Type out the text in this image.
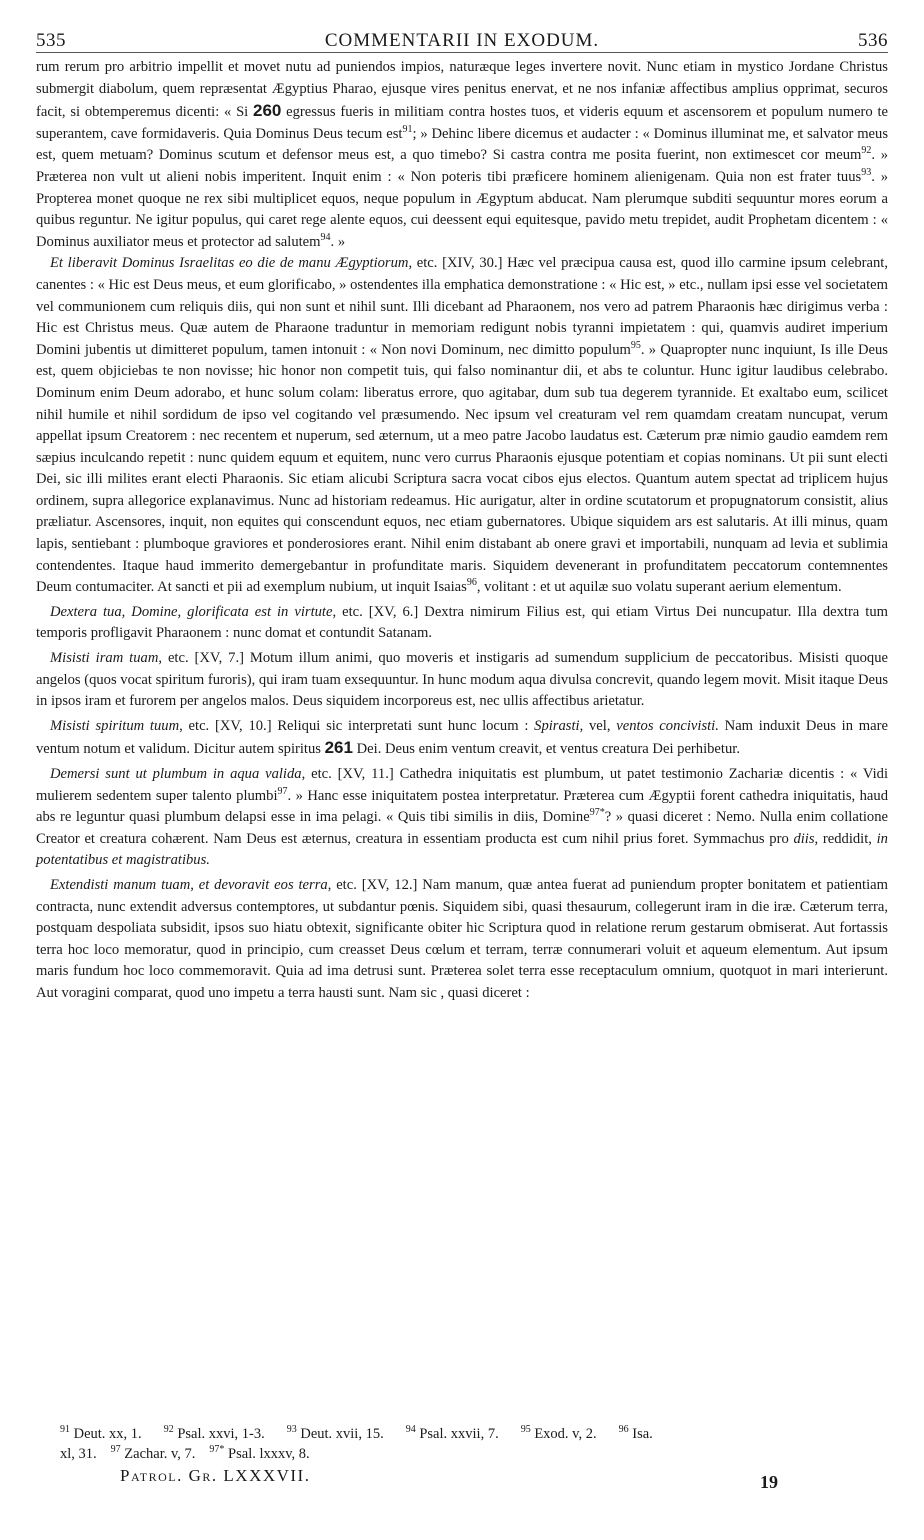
535	COMMENTARII IN EXODUM.	536

rum rerum pro arbitrio impellit et movet nutu ad puniendos impios, naturæque leges invertere novit. Nunc etiam in mystico Jordane Christus submergit diabolum, quem repræsentat Ægyptius Pharao, ejusque vires penitus enervat, et ne nos infaniæ affectibus amplius opprimat, securos facit, si obtemperemus dicenti: « Si 260 egressus fueris in militiam contra hostes tuos, et videris equum et ascensorem et populum numero te superantem, cave formidaveris. Quia Dominus Deus tecum est$^{91}$; » Dehinc libere dicemus et audacter : « Dominus illuminat me, et salvator meus est, quem metuam? Dominus scutum et defensor meus est, a quo timebo? Si castra contra me posita fuerint, non extimescet cor meum$^{92}$. » Præterea non vult ut alieni nobis imperitent. Inquit enim : « Non poteris tibi præficere hominem alienigenam. Quia non est frater tuus$^{93}$. » Propterea monet quoque ne rex sibi multiplicet equos, neque populum in Ægyptum abducat. Nam plerumque subditi sequuntur mores eorum a quibus reguntur. Ne igitur populus, qui caret rege alente equos, cui deessent equi equitesque, pavido metu trepidet, audit Prophetam dicentem : « Dominus auxiliator meus et protector ad salutem$^{94}$. »

Et liberavit Dominus Israelitas eo die de manu Ægyptiorum, etc. [XIV, 30.] Hæc vel præcipua causa est, quod illo carmine ipsum celebrant, canentes : « Hic est Deus meus, et eum glorificabo, » ostendentes illa emphatica demonstratione : « Hic est, » etc., nullam ipsi esse vel societatem vel communionem cum reliquis diis, qui non sunt et nihil sunt. Illi dicebant ad Pharaonem, nos vero ad patrem Pharaonis hæc dirigimus verba : Hic est Christus meus. Quæ autem de Pharaone traduntur in memoriam redigunt nobis tyranni impietatem : qui, quamvis audiret imperium Domini jubentis ut dimitteret populum, tamen intonuit : « Non novi Dominum, nec dimitto populum$^{95}$. » Quapropter nunc inquiunt, Is ille Deus est, quem objiciebas te non novisse; hic honor non competit tuis, qui falso nominantur dii, et abs te coluntur. Hunc igitur laudibus celebrabo. Dominum enim Deum adorabo, et hunc solum colam: liberatus errore, quo agitabar, dum sub tua degerem tyrannide. Et exaltabo eum, scilicet nihil humile et nihil sordidum de ipso vel cogitando vel præsumendo. Nec ipsum vel creaturam vel rem quamdam creatam nuncupat, verum appellat ipsum Creatorem : nec recentem et nuperum, sed æternum, ut a meo patre Jacobo laudatus est. Cæterum præ nimio gaudio eamdem rem sæpius inculcando repetit : nunc quidem equum et equitem, nunc vero currus Pharaonis ejusque potentiam et copias nominans. Ut pii sunt electi Dei, sic illi milites erant electi Pharaonis. Sic etiam alicubi Scriptura sacra vocat cibos ejus electos. Quantum autem spectat ad triplicem hujus ordinem, supra allegorice explanavimus. Nunc ad historiam redeamus. Hic aurigatur, alter in ordine scutatorum et propugnatorum consistit, alius præliatur. Ascensores, inquit, non equites qui conscendunt equos, nec etiam gubernatores. Ubique siquidem ars est salutaris. At illi minus, quam lapis, sentiebant : plumboque graviores et ponderosiores erant. Nihil enim distabant ab onere gravi et importabili, nunquam ad levia et sublimia contendentes. Itaque haud immerito demergebantur in profunditate maris. Siquidem devenerant in profunditatem peccatorum contemnentes Deum contumaciter. At sancti et pii ad exemplum nubium, ut inquit Isaias$^{96}$, volitant : et ut aquilæ suo volatu superant aerium elementum.

Dextera tua, Domine, glorificata est in virtute, etc. [XV, 6.] Dextra nimirum Filius est, qui etiam Virtus Dei nuncupatur. Illa dextra tum temporis profligavit Pharaonem : nunc domat et contundit Satanam.

Misisti iram tuam, etc. [XV, 7.] Motum illum animi, quo moveris et instigaris ad sumendum supplicium de peccatoribus. Misisti quoque angelos (quos vocat spiritum furoris), qui iram tuam exsequuntur. In hunc modum aqua divulsa concrevit, quando legem movit. Misit itaque Deus in ipsos iram et furorem per angelos malos. Deus siquidem incorporeus est, nec ullis affectibus arietatur.

Misisti spiritum tuum, etc. [XV, 10.] Reliqui sic interpretati sunt hunc locum : Spirasti, vel, ventos concivisti. Nam induxit Deus in mare ventum notum et validum. Dicitur autem spiritus 261 Dei. Deus enim ventum creavit, et ventus creatura Dei perhibetur.

Demersi sunt ut plumbum in aqua valida, etc. [XV, 11.] Cathedra iniquitatis est plumbum, ut patet testimonio Zachariæ dicentis : « Vidi mulierem sedentem super talento plumbi$^{97}$. » Hanc esse iniquitatem postea interpretatur. Præterea cum Ægyptii forent cathedra iniquitatis, haud abs re leguntur quasi plumbum delapsi esse in ima pelagi. « Quis tibi similis in diis, Domine$^{97*}$? » quasi diceret : Nemo. Nulla enim collatione Creator et creatura cohærent. Nam Deus est æternus, creatura in essentiam producta est cum nihil prius foret. Symmachus pro diis, reddidit, in potentatibus et magistratibus.

Extendisti manum tuam, et devoravit eos terra, etc. [XV, 12.] Nam manum, quæ antea fuerat ad puniendum propter bonitatem et patientiam contracta, nunc extendit adversus contemptores, ut subdantur pœnis. Siquidem sibi, quasi thesaurum, collegerunt iram in die iræ. Cæterum terra, postquam despoliata subsidit, ipsos suo hiatu obtexit, significante obiter hic Scriptura quod in relatione rerum gestarum obmiserat. Aut fortassis terra hoc loco memoratur, quod in principio, cum creasset Deus cœlum et terram, terræ connumerari voluit et aqueum elementum. Aut ipsum maris fundum hoc loco commemoravit. Quia ad ima detrusi sunt. Præterea solet terra esse receptaculum omnium, quotquot in mari interierunt. Aut voragini comparat, quod uno impetu a terra hausti sunt. Nam sic , quasi diceret :

$^{91}$ Deut. xx, 1. $^{92}$ Psal. xxvi, 1-3. $^{93}$ Deut. xvii, 15. $^{94}$ Psal. xxvii, 7. $^{95}$ Exod. v, 2. $^{96}$ Isa.
xl, 31. $^{97}$ Zachar. v, 7. $^{97*}$ Psal. lxxxv, 8.
Patrol. Gr. LXXXVII.	19
